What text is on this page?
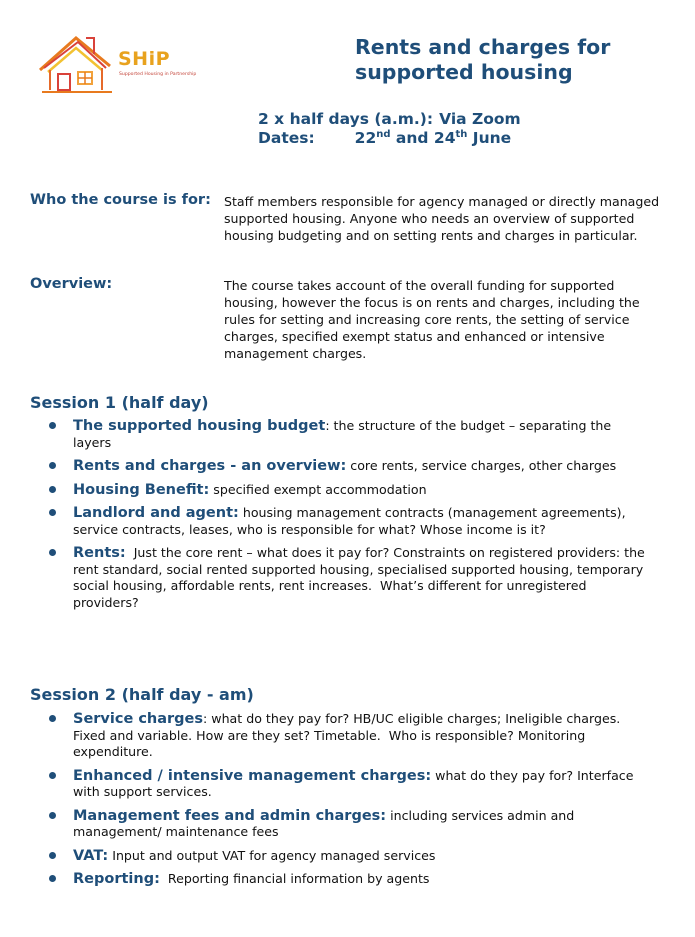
SHiP
Supported Housing in Partnership
Rents and charges for supported housing
2 x half days (a.m.): Via Zoom
Dates:	22nd and 24th June
Who the course is for: Staff members responsible for agency managed or directly managed supported housing. Anyone who needs an overview of supported housing budgeting and on setting rents and charges in particular.
Overview:	The course takes account of the overall funding for supported housing, however the focus is on rents and charges, including the rules for setting and increasing core rents, the setting of service charges, specified exempt status and enhanced or intensive management charges.
Session 1 (half day)
The supported housing budget: the structure of the budget – separating the layers
Rents and charges - an overview: core rents, service charges, other charges
Housing Benefit: specified exempt accommodation
Landlord and agent: housing management contracts (management agreements), service contracts, leases, who is responsible for what? Whose income is it?
Rents:  Just the core rent – what does it pay for? Constraints on registered providers: the rent standard, social rented supported housing, specialised supported housing, temporary social housing, affordable rents, rent increases.  What’s different for unregistered providers?
Session 2 (half day - am)
Service charges: what do they pay for? HB/UC eligible charges; Ineligible charges.  Fixed and variable. How are they set? Timetable.  Who is responsible? Monitoring expenditure.
Enhanced / intensive management charges: what do they pay for? Interface with support services.
Management fees and admin charges: including services admin and management/ maintenance fees
VAT: Input and output VAT for agency managed services
Reporting:  Reporting financial information by agents
